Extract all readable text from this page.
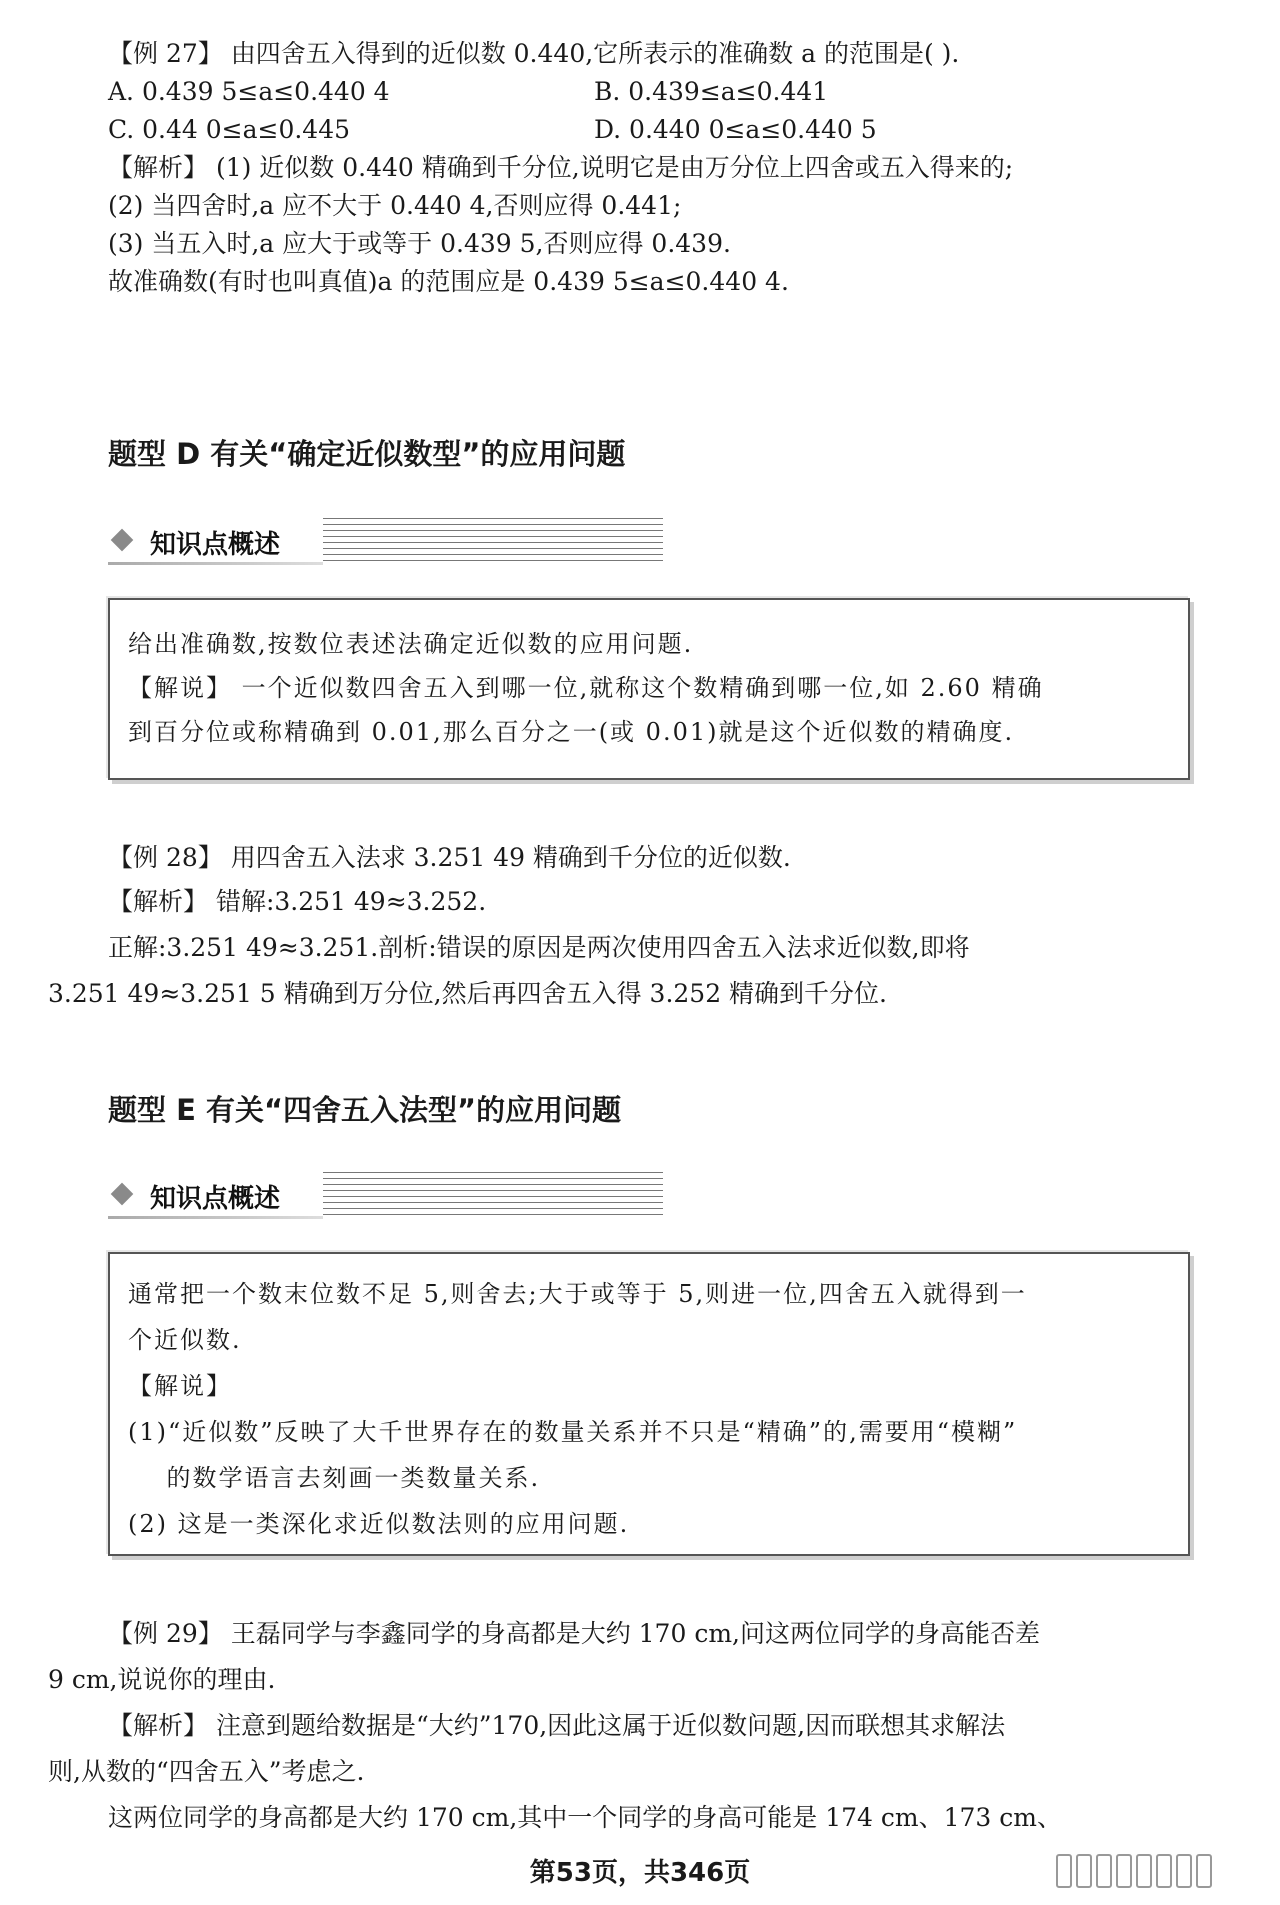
【例 27】 由四舍五入得到的近似数 0.440,它所表示的准确数 a 的范围是( ).
A. 0.439 5≤a≤0.440 4	B. 0.439≤a≤0.441
C. 0.44 0≤a≤0.445	D. 0.440 0≤a≤0.440 5
【解析】 (1) 近似数 0.440 精确到千分位,说明它是由万分位上四舍或五入得来的;
(2) 当四舍时,a 应不大于 0.440 4,否则应得 0.441;
(3) 当五入时,a 应大于或等于 0.439 5,否则应得 0.439.
故准确数(有时也叫真值)a 的范围应是 0.439 5≤a≤0.440 4.
题型 D 有关“确定近似数型”的应用问题
知识点概述
给出准确数,按数位表述法确定近似数的应用问题.
【解说】 一个近似数四舍五入到哪一位,就称这个数精确到哪一位,如 2.60 精确
到百分位或称精确到 0.01,那么百分之一(或 0.01)就是这个近似数的精确度.
【例 28】 用四舍五入法求 3.251 49 精确到千分位的近似数.
【解析】 错解:3.251 49≈3.252.
正解:3.251 49≈3.251.剖析:错误的原因是两次使用四舍五入法求近似数,即将
3.251 49≈3.251 5 精确到万分位,然后再四舍五入得 3.252 精确到千分位.
题型 E 有关“四舍五入法型”的应用问题
知识点概述
通常把一个数末位数不足 5,则舍去;大于或等于 5,则进一位,四舍五入就得到一
个近似数.
【解说】
(1)“近似数”反映了大千世界存在的数量关系并不只是“精确”的,需要用“模糊”
的数学语言去刻画一类数量关系.
(2) 这是一类深化求近似数法则的应用问题.
【例 29】 王磊同学与李鑫同学的身高都是大约 170 cm,问这两位同学的身高能否差
9 cm,说说你的理由.
【解析】 注意到题给数据是“大约”170,因此这属于近似数问题,因而联想其求解法
则,从数的“四舍五入”考虑之.
这两位同学的身高都是大约 170 cm,其中一个同学的身高可能是 174 cm、173 cm、
第53页，共346页
